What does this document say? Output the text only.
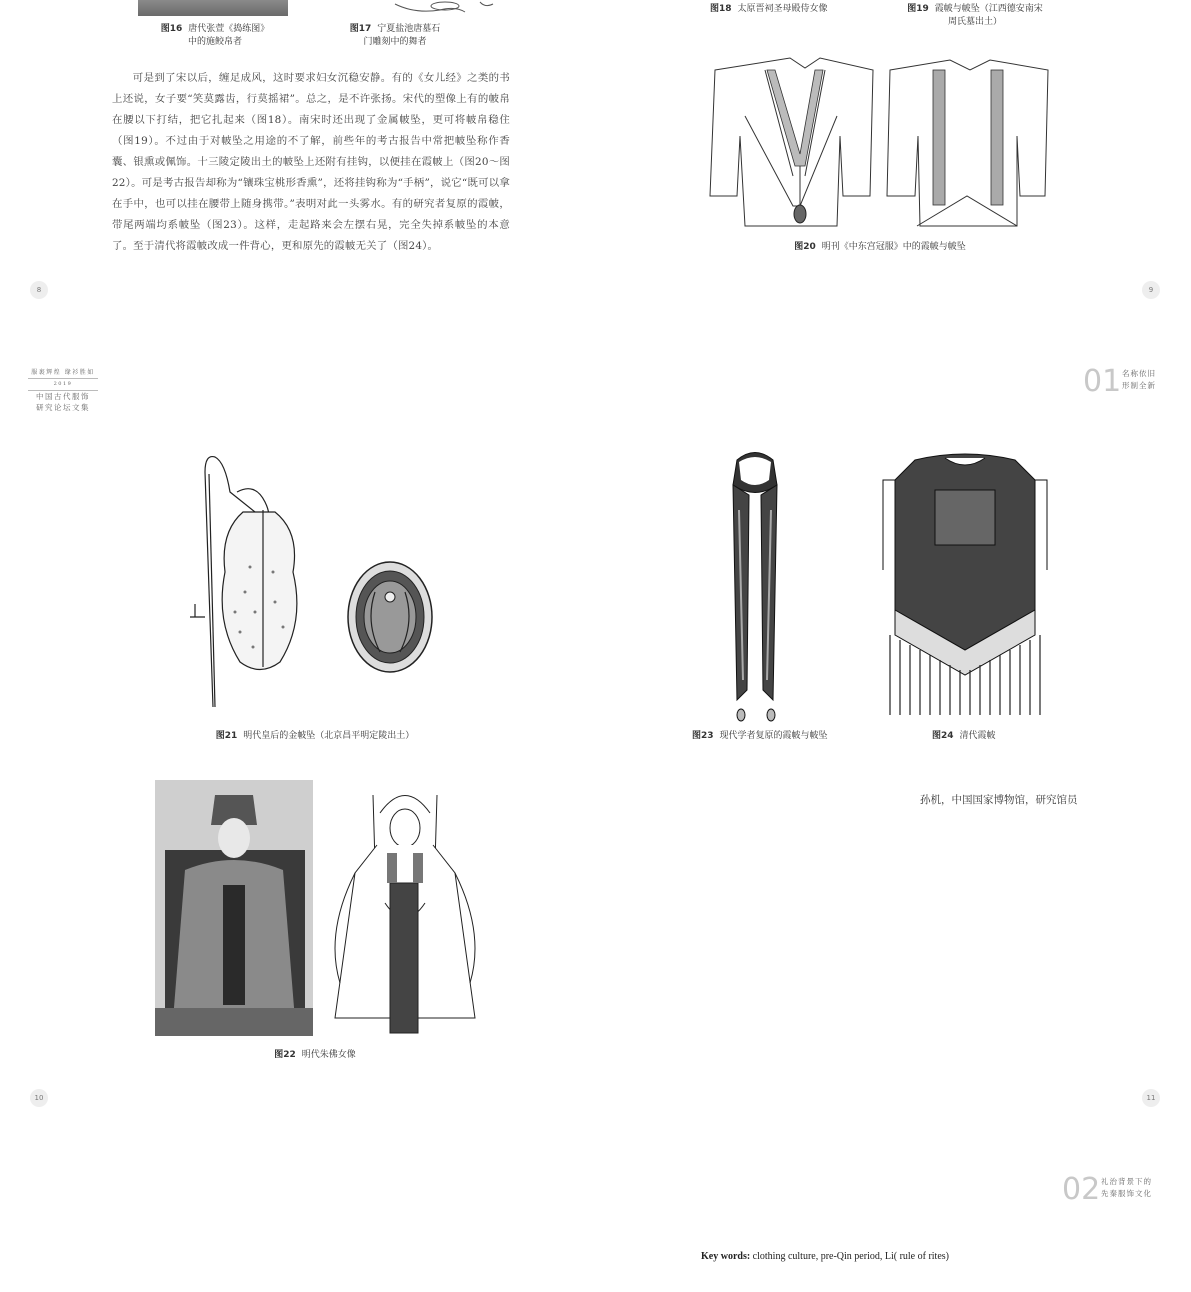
图16 唐代张萱《捣练图》
中的施鲛帛者
图17 宁夏盐池唐墓石
门雕刻中的舞者

可是到了宋以后，缠足成风，这时要求妇女沉稳安静。有的《女儿经》之类的书上还说，女子要“笑莫露齿，行莫摇裙”。总之，是不许张扬。宋代的塑像上有的帔帛在腰以下打结，把它扎起来（图18）。南宋时还出现了金属帔坠，更可将帔帛稳住（图19）。不过由于对帔坠之用途的不了解，前些年的考古报告中常把帔坠称作香囊、银熏或佩饰。十三陵定陵出土的帔坠上还附有挂钩，以便挂在霞帔上（图20～图22）。可是考古报告却称为“镶珠宝桃形香熏”，还将挂钩称为“手柄”，说它“既可以拿在手中，也可以挂在腰带上随身携带。”表明对此一头雾水。有的研究者复原的霞帔，带尾两端均系帔坠（图23）。这样，走起路来会左摆右晃，完全失掉系帔坠的本意了。至于清代将霞帔改成一件背心，更和原先的霞帔无关了（图24）。

8
图18 太原晋祠圣母殿侍女像	图19 霞帔与帔坠（江西德安南宋
周氏墓出土）
图20 明刊《中东宫冠服》中的霞帔与帔坠
9
服裹辉煌 缘衫胜如
2019
中国古代服饰
研究论坛文集
图21 明代皇后的金帔坠（北京昌平明定陵出土）
图22 明代朱佛女像
10
01 名称依旧
形制全新
图23 现代学者复原的霞帔与帔坠	图24 清代霞帔
孙机，中国国家博物馆，研究馆员
11
02 礼治背景下的
先秦服饰文化
Key words: clothing culture, pre-Qin period, Li( rule of rites)
